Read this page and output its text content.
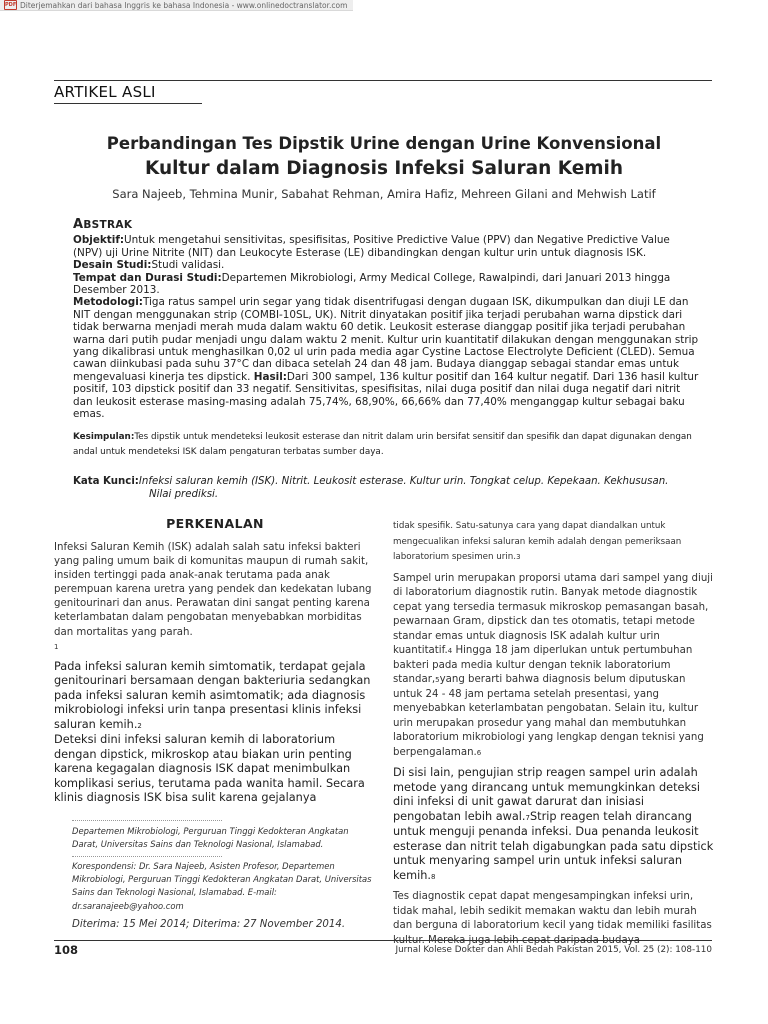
PDF Diterjemahkan dari bahasa Inggris ke bahasa Indonesia - www.onlinedoctranslator.com
ARTIKEL ASLI
Perbandingan Tes Dipstik Urine dengan Urine Konvensional
Kultur dalam Diagnosis Infeksi Saluran Kemih
Sara Najeeb, Tehmina Munir, Sabahat Rehman, Amira Hafiz, Mehreen Gilani and Mehwish Latif
ABSTRAK

Objektif:Untuk mengetahui sensitivitas, spesifisitas, Positive Predictive Value (PPV) dan Negative Predictive Value (NPV) uji Urine Nitrite (NIT) dan Leukocyte Esterase (LE) dibandingkan dengan kultur urin untuk diagnosis ISK.

Desain Studi:Studi validasi.

Tempat dan Durasi Studi:Departemen Mikrobiologi, Army Medical College, Rawalpindi, dari Januari 2013 hingga Desember 2013.

Metodologi:Tiga ratus sampel urin segar yang tidak disentrifugasi dengan dugaan ISK, dikumpulkan dan diuji LE dan NIT dengan menggunakan strip (COMBI-10SL, UK). Nitrit dinyatakan positif jika terjadi perubahan warna dipstick dari tidak berwarna menjadi merah muda dalam waktu 60 detik. Leukosit esterase dianggap positif jika terjadi perubahan warna dari putih pudar menjadi ungu dalam waktu 2 menit. Kultur urin kuantitatif dilakukan dengan menggunakan strip yang dikalibrasi untuk menghasilkan 0,02 ul urin pada media agar Cystine Lactose Electrolyte Deficient (CLED). Semua cawan diinkubasi pada suhu 37°C dan dibaca setelah 24 dan 48 jam. Budaya dianggap sebagai standar emas untuk mengevaluasi kinerja tes dipstick. Hasil:Dari 300 sampel, 136 kultur positif dan 164 kultur negatif. Dari 136 hasil kultur positif, 103 dipstick positif dan 33 negatif. Sensitivitas, spesifisitas, nilai duga positif dan nilai duga negatif dari nitrit dan leukosit esterase masing-masing adalah 75,74%, 68,90%, 66,66% dan 77,40% menganggap kultur sebagai baku emas.

Kesimpulan:Tes dipstik untuk mendeteksi leukosit esterase dan nitrit dalam urin bersifat sensitif dan spesifik dan dapat digunakan dengan andal untuk mendeteksi ISK dalam pengaturan terbatas sumber daya.

Kata Kunci:Infeksi saluran kemih (ISK). Nitrit. Leukosit esterase. Kultur urin. Tongkat celup. Kepekaan. Kekhususan.
Nilai prediksi.
PERKENALAN

Infeksi Saluran Kemih (ISK) adalah salah satu infeksi bakteri yang paling umum baik di komunitas maupun di rumah sakit, insiden tertinggi pada anak-anak terutama pada anak perempuan karena uretra yang pendek dan kedekatan lubang genitourinari dan anus. Perawatan dini sangat penting karena keterlambatan dalam pengobatan menyebabkan morbiditas dan mortalitas yang parah.
1

Pada infeksi saluran kemih simtomatik, terdapat gejala genitourinari bersamaan dengan bakteriuria sedangkan pada infeksi saluran kemih asimtomatik; ada diagnosis mikrobiologi infeksi urin tanpa presentasi klinis infeksi saluran kemih.2

Deteksi dini infeksi saluran kemih di laboratorium dengan dipstick, mikroskop atau biakan urin penting karena kegagalan diagnosis ISK dapat menimbulkan komplikasi serius, terutama pada wanita hamil. Secara klinis diagnosis ISK bisa sulit karena gejalanya

Departemen Mikrobiologi, Perguruan Tinggi Kedokteran Angkatan Darat, Universitas Sains dan Teknologi Nasional, Islamabad.

Korespondensi: Dr. Sara Najeeb, Asisten Profesor, Departemen Mikrobiologi, Perguruan Tinggi Kedokteran Angkatan Darat, Universitas Sains dan Teknologi Nasional, Islamabad. E-mail: dr.saranajeeb@yahoo.com

Diterima: 15 Mei 2014; Diterima: 27 November 2014.

tidak spesifik. Satu-satunya cara yang dapat diandalkan untuk mengecualikan infeksi saluran kemih adalah dengan pemeriksaan laboratorium spesimen urin.3

Sampel urin merupakan proporsi utama dari sampel yang diuji di laboratorium diagnostik rutin. Banyak metode diagnostik cepat yang tersedia termasuk mikroskop pemasangan basah, pewarnaan Gram, dipstick dan tes otomatis, tetapi metode standar emas untuk diagnosis ISK adalah kultur urin kuantitatif.4 Hingga 18 jam diperlukan untuk pertumbuhan bakteri pada media kultur dengan teknik laboratorium standar,5yang berarti bahwa diagnosis belum diputuskan untuk 24 - 48 jam pertama setelah presentasi, yang menyebabkan keterlambatan pengobatan. Selain itu, kultur urin merupakan prosedur yang mahal dan membutuhkan laboratorium mikrobiologi yang lengkap dengan teknisi yang berpengalaman.6

Di sisi lain, pengujian strip reagen sampel urin adalah metode yang dirancang untuk memungkinkan deteksi dini infeksi di unit gawat darurat dan inisiasi pengobatan lebih awal.7Strip reagen telah dirancang untuk menguji penanda infeksi. Dua penanda leukosit esterase dan nitrit telah digabungkan pada satu dipstick untuk menyaring sampel urin untuk infeksi saluran kemih.8

Tes diagnostik cepat dapat mengesampingkan infeksi urin, tidak mahal, lebih sedikit memakan waktu dan lebih murah dan berguna di laboratorium kecil yang tidak memiliki fasilitas kultur. Mereka juga lebih cepat daripada budaya

108	Jurnal Kolese Dokter dan Ahli Bedah Pakistan 2015, Vol. 25 (2): 108-110
